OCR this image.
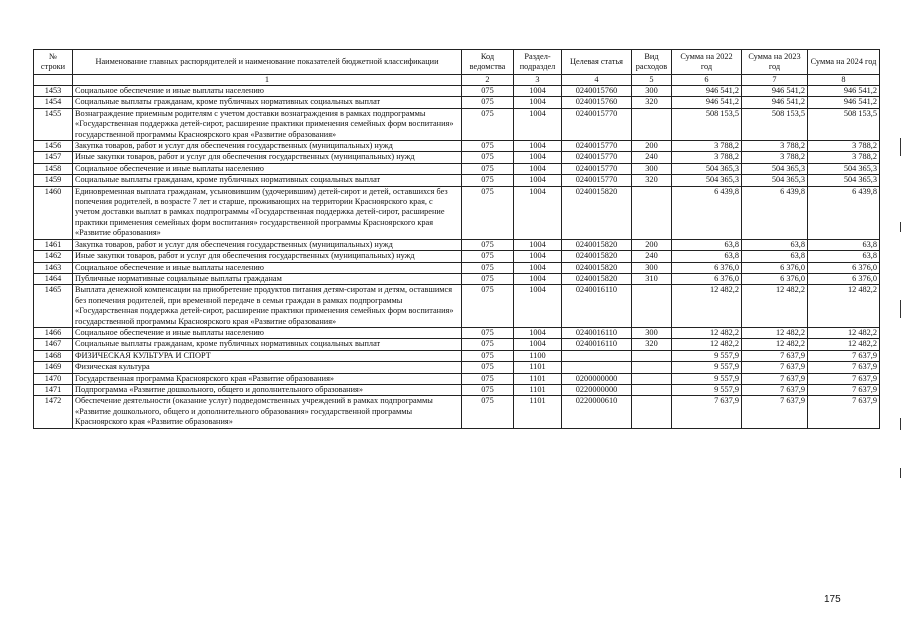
№
строки	Наименование главных распорядителей и наименование показателей бюджетной классификации	Код ведомства	Раздел-подраздел	Целевая статья	Вид расходов	Сумма на 2022 год	Сумма на 2023 год	Сумма на 2024 год
	1	2	3	4	5	6	7	8
1453	Социальное обеспечение и иные выплаты населению	075	1004	0240015760	300	946 541,2	946 541,2	946 541,2
1454	Социальные выплаты гражданам, кроме публичных нормативных социальных выплат	075	1004	0240015760	320	946 541,2	946 541,2	946 541,2
1455	Вознаграждение приемным родителям с учетом доставки вознаграждения в рамках подпрограммы «Государственная поддержка детей-сирот, расширение практики применения семейных форм воспитания» государственной программы Красноярского края «Развитие образования»	075	1004	0240015770		508 153,5	508 153,5	508 153,5
1456	Закупка товаров, работ и услуг для обеспечения государственных (муниципальных) нужд	075	1004	0240015770	200	3 788,2	3 788,2	3 788,2
1457	Иные закупки товаров, работ и услуг для обеспечения государственных (муниципальных) нужд	075	1004	0240015770	240	3 788,2	3 788,2	3 788,2
1458	Социальное обеспечение и иные выплаты населению	075	1004	0240015770	300	504 365,3	504 365,3	504 365,3
1459	Социальные выплаты гражданам, кроме публичных нормативных социальных выплат	075	1004	0240015770	320	504 365,3	504 365,3	504 365,3
1460	Единовременная выплата гражданам, усыновившим (удочерившим) детей-сирот и детей, оставшихся без попечения родителей, в возрасте 7 лет и старше, проживающих на территории Красноярского края, с учетом доставки выплат в рамках подпрограммы «Государственная поддержка детей-сирот, расширение практики применения семейных форм воспитания» государственной программы Красноярского края «Развитие образования»	075	1004	0240015820		6 439,8	6 439,8	6 439,8
1461	Закупка товаров, работ и услуг для обеспечения государственных (муниципальных) нужд	075	1004	0240015820	200	63,8	63,8	63,8
1462	Иные закупки товаров, работ и услуг для обеспечения государственных (муниципальных) нужд	075	1004	0240015820	240	63,8	63,8	63,8
1463	Социальное обеспечение и иные выплаты населению	075	1004	0240015820	300	6 376,0	6 376,0	6 376,0
1464	Публичные нормативные социальные выплаты гражданам	075	1004	0240015820	310	6 376,0	6 376,0	6 376,0
1465	Выплата денежной компенсации на приобретение продуктов питания детям-сиротам и детям, оставшимся без попечения родителей, при временной передаче в семьи граждан в рамках подпрограммы «Государственная поддержка детей-сирот, расширение практики применения семейных форм воспитания» государственной программы Красноярского края «Развитие образования»	075	1004	0240016110		12 482,2	12 482,2	12 482,2
1466	Социальное обеспечение и иные выплаты населению	075	1004	0240016110	300	12 482,2	12 482,2	12 482,2
1467	Социальные выплаты гражданам, кроме публичных нормативных социальных выплат	075	1004	0240016110	320	12 482,2	12 482,2	12 482,2
1468	ФИЗИЧЕСКАЯ КУЛЬТУРА И СПОРТ	075	1100			9 557,9	7 637,9	7 637,9
1469	Физическая культура	075	1101			9 557,9	7 637,9	7 637,9
1470	Государственная программа Красноярского края «Развитие образования»	075	1101	0200000000		9 557,9	7 637,9	7 637,9
1471	Подпрограмма «Развитие дошкольного, общего и дополнительного образования»	075	1101	0220000000		9 557,9	7 637,9	7 637,9
1472	Обеспечение деятельности (оказание услуг) подведомственных учреждений в рамках подпрограммы «Развитие дошкольного, общего и дополнительного образования» государственной программы Красноярского края «Развитие образования»	075	1101	0220000610		7 637,9	7 637,9	7 637,9
175
